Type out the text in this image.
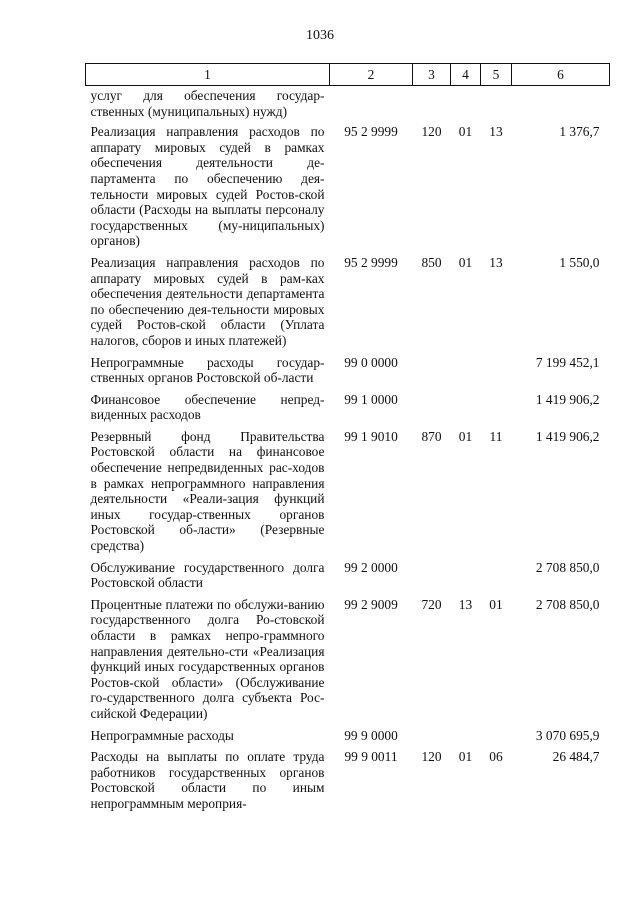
1036
1	2	3	4	5	6
услуг для обеспечения государ-ственных (муниципальных) нужд)					
Реализация направления расходов по аппарату мировых судей в рамках обеспечения деятельности де-партамента по обеспечению дея-тельности мировых судей Ростов-ской области (Расходы на выплаты персоналу государственных (му-ниципальных) органов)	95 2 9999	120	01	13	1 376,7
Реализация направления расходов по аппарату мировых судей в рам-ках обеспечения деятельности департамента по обеспечению дея-тельности мировых судей Ростов-ской области (Уплата налогов, сборов и иных платежей)	95 2 9999	850	01	13	1 550,0
Непрограммные расходы государ-ственных органов Ростовской об-ласти	99 0 0000				7 199 452,1
Финансовое обеспечение непред-виденных расходов	99 1 0000				1 419 906,2
Резервный фонд Правительства Ростовской области на финансовое обеспечение непредвиденных рас-ходов в рамках непрограммного направления деятельности «Реали-зация функций иных государ-ственных органов Ростовской об-ласти» (Резервные средства)	99 1 9010	870	01	11	1 419 906,2
Обслуживание государственного долга Ростовской области	99 2 0000				2 708 850,0
Процентные платежи по обслужи-ванию государственного долга Ро-стовской области в рамках непро-граммного направления деятельно-сти «Реализация функций иных государственных органов Ростов-ской области» (Обслуживание го-сударственного долга субъекта Рос-сийской Федерации)	99 2 9009	720	13	01	2 708 850,0
Непрограммные расходы	99 9 0000				3 070 695,9
Расходы на выплаты по оплате труда работников государственных органов Ростовской области по иным непрограммным мероприя-	99 9 0011	120	01	06	26 484,7
